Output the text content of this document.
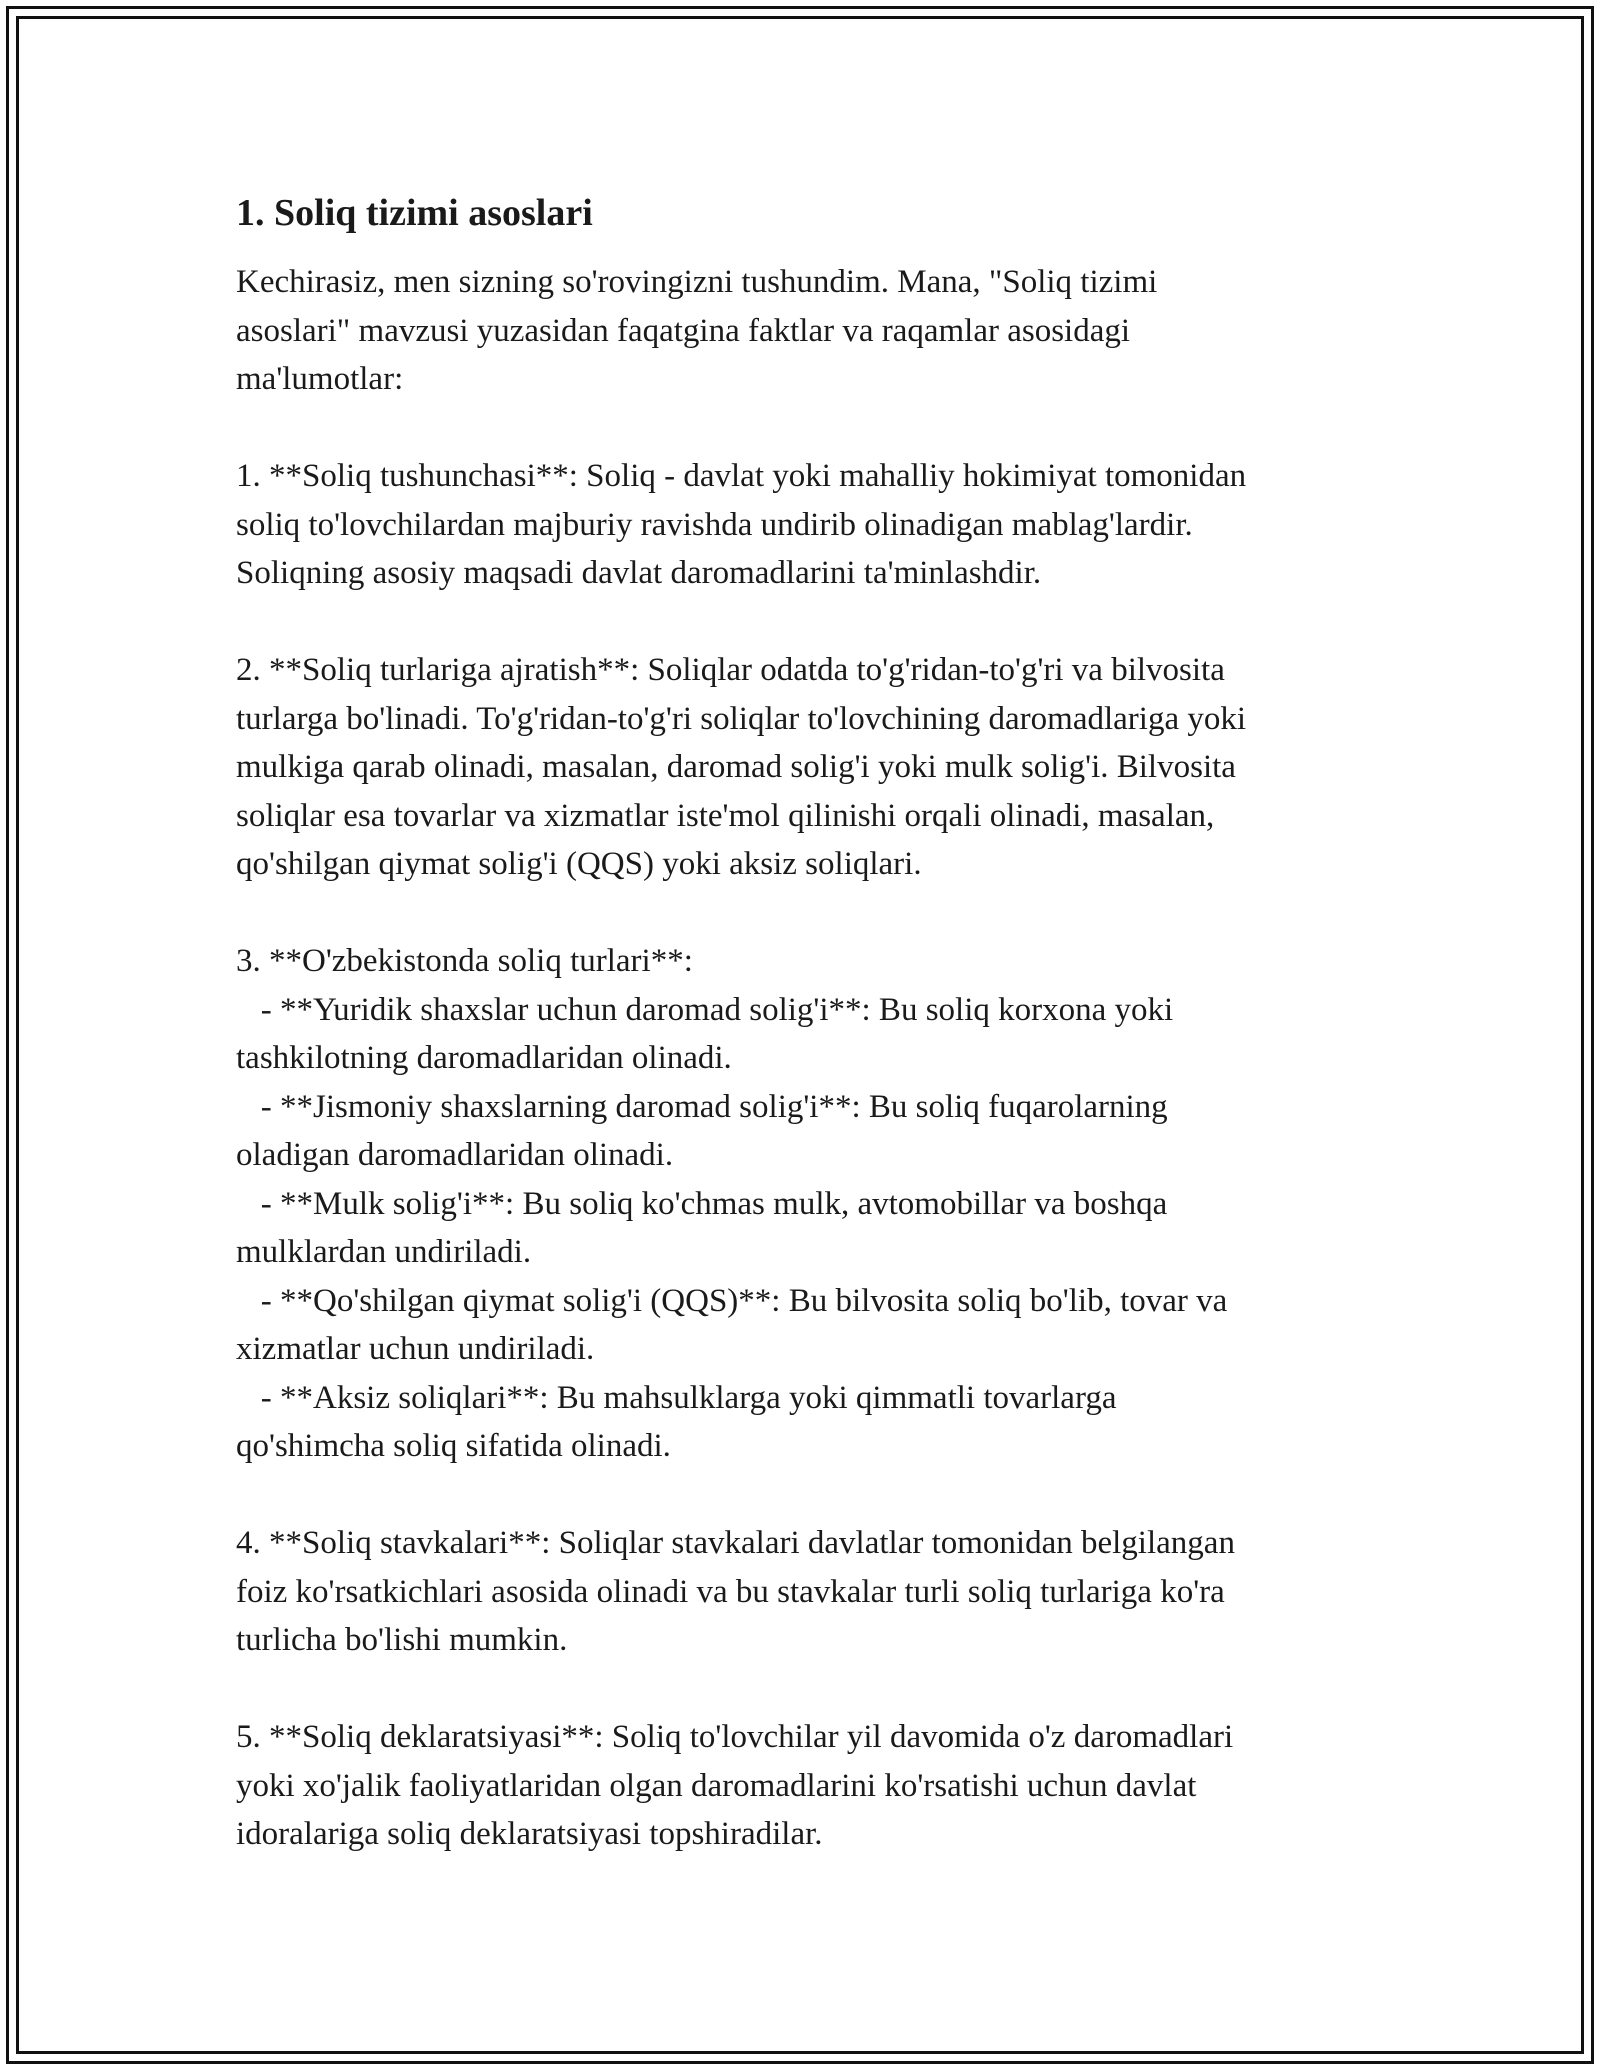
1. Soliq tizimi asoslari
Kechirasiz, men sizning so'rovingizni tushundim. Mana, "Soliq tizimi
asoslari" mavzusi yuzasidan faqatgina faktlar va raqamlar asosidagi
ma'lumotlar:
1. **Soliq tushunchasi**: Soliq - davlat yoki mahalliy hokimiyat tomonidan
soliq to'lovchilardan majburiy ravishda undirib olinadigan mablag'lardir.
Soliqning asosiy maqsadi davlat daromadlarini ta'minlashdir.
2. **Soliq turlariga ajratish**: Soliqlar odatda to'g'ridan-to'g'ri va bilvosita
turlarga bo'linadi. To'g'ridan-to'g'ri soliqlar to'lovchining daromadlariga yoki
mulkiga qarab olinadi, masalan, daromad solig'i yoki mulk solig'i. Bilvosita
soliqlar esa tovarlar va xizmatlar iste'mol qilinishi orqali olinadi, masalan,
qo'shilgan qiymat solig'i (QQS) yoki aksiz soliqlari.
3. **O'zbekistonda soliq turlari**:
- **Yuridik shaxslar uchun daromad solig'i**: Bu soliq korxona yoki
tashkilotning daromadlaridan olinadi.
- **Jismoniy shaxslarning daromad solig'i**: Bu soliq fuqarolarning
oladigan daromadlaridan olinadi.
- **Mulk solig'i**: Bu soliq ko'chmas mulk, avtomobillar va boshqa
mulklardan undiriladi.
- **Qo'shilgan qiymat solig'i (QQS)**: Bu bilvosita soliq bo'lib, tovar va
xizmatlar uchun undiriladi.
- **Aksiz soliqlari**: Bu mahsulklarga yoki qimmatli tovarlarga
qo'shimcha soliq sifatida olinadi.
4. **Soliq stavkalari**: Soliqlar stavkalari davlatlar tomonidan belgilangan
foiz ko'rsatkichlari asosida olinadi va bu stavkalar turli soliq turlariga ko'ra
turlicha bo'lishi mumkin.
5. **Soliq deklaratsiyasi**: Soliq to'lovchilar yil davomida o'z daromadlari
yoki xo'jalik faoliyatlaridan olgan daromadlarini ko'rsatishi uchun davlat
idoralariga soliq deklaratsiyasi topshiradilar.
